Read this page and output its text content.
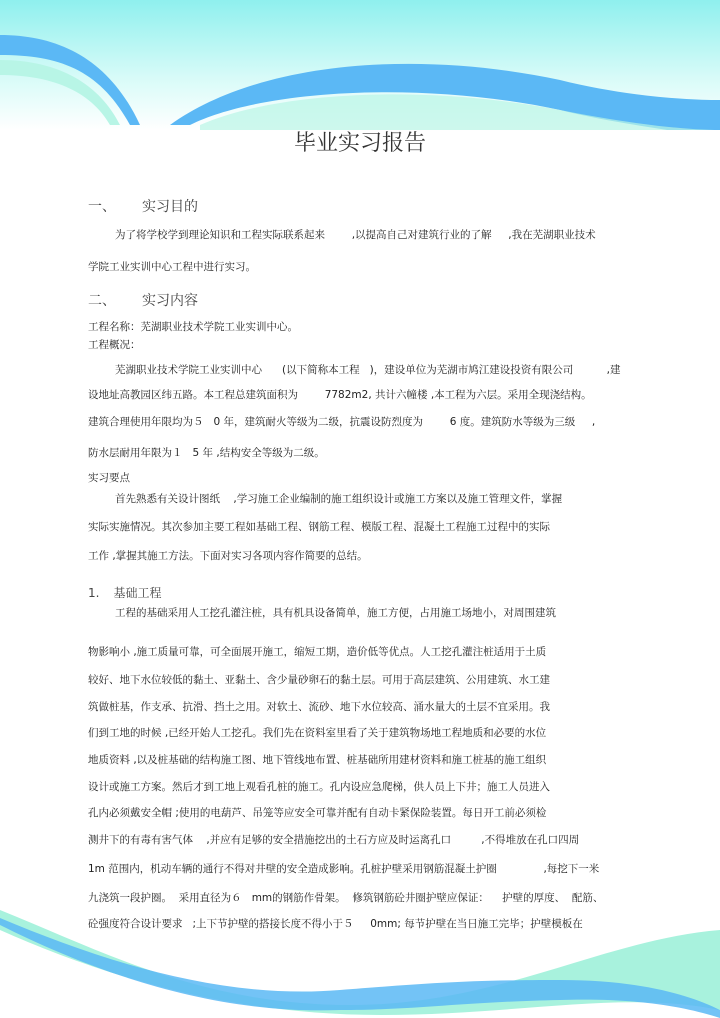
毕业实习报告
一、 实习目的
二、 实习内容
1. 基础工程
为了将学校学到理论知识和工程实际联系起来        ,以提高自己对建筑行业的了解     ,我在芜湖职业技术
学院工业实训中心工程中进行实习。
工程名称：芜湖职业技术学院工业实训中心。
工程概况：
芜湖职业技术学院工业实训中心      (以下简称本工程   )，建设单位为芜湖市鸠江建设投资有限公司          ,建
设地址高教园区纬五路。本工程总建筑面积为        7782m2, 共计六幢楼 ,本工程为六层。采用全现浇结构。
建筑合理使用年限均为５   0 年，建筑耐火等级为二级，抗震设防烈度为        6 度。建筑防水等级为三级     ,
防水层耐用年限为１   5 年 ,结构安全等级为二级。
实习要点
首先熟悉有关设计图纸    ,学习施工企业编制的施工组织设计或施工方案以及施工管理文件，掌握
实际实施情况。其次参加主要工程如基础工程、钢筋工程、模版工程、混凝土工程施工过程中的实际
工作 ,掌握其施工方法。下面对实习各项内容作简要的总结。
工程的基础采用人工挖孔灌注桩，具有机具设备简单，施工方便，占用施工场地小，对周围建筑
物影响小 ,施工质量可靠，可全面展开施工，缩短工期，造价低等优点。人工挖孔灌注桩适用于土质
较好、地下水位较低的黏土、亚黏土、含少量砂卵石的黏土层。可用于高层建筑、公用建筑、水工建
筑做桩基，作支承、抗滑、挡土之用。对软土、流砂、地下水位较高、涌水量大的土层不宜采用。我
们到工地的时候 ,已经开始人工挖孔。我们先在资料室里看了关于建筑物场地工程地质和必要的水位
地质资料 ,以及桩基础的结构施工图、地下管线地布置、桩基础所用建材资料和施工桩基的施工组织
设计或施工方案。然后才到工地上观看孔桩的施工。孔内设应急爬梯，供人员上下井；施工人员进入
孔内必须戴安全帽 ;使用的电葫芦、吊笼等应安全可靠并配有自动卡紧保险装置。每日开工前必须检
测井下的有毒有害气体    ,并应有足够的安全措施挖出的土石方应及时运离孔口         ,不得堆放在孔口四周
1m 范围内，机动车辆的通行不得对井壁的安全造成影响。孔桩护壁采用钢筋混凝土护圈              ,每挖下一米
九浇筑一段护圈。  采用直径为６   mm的钢筋作骨架。  修筑钢筋砼井圈护壁应保证：    护壁的厚度、  配筋、
砼强度符合设计要求   ;上下节护壁的搭接长度不得小于５     0mm; 每节护壁在当日施工完毕；护壁模板在
